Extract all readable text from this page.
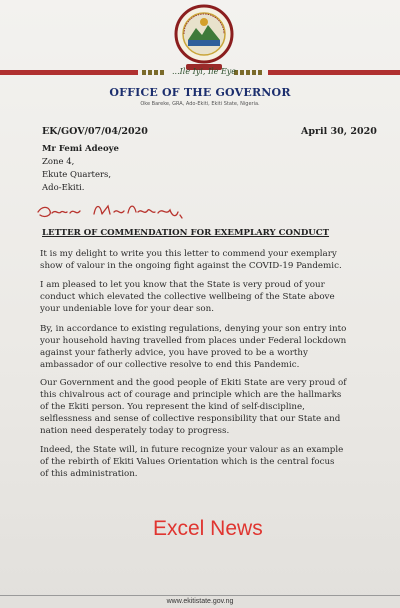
...Ile Iyi, Ile Eye
OFFICE OF THE GOVERNOR
Oke Bareke, GRA, Ado-Ekiti, Ekiti State, Nigeria.
EK/GOV/07/04/2020	April 30, 2020
Mr Femi Adeoye
Zone 4,
Ekute Quarters,
Ado-Ekiti.
LETTER OF COMMENDATION FOR EXEMPLARY CONDUCT
It is my delight to write you this letter to commend your exemplary
show of valour in the ongoing fight against the COVID-19 Pandemic.
I am pleased to let you know that the State is very proud of your
conduct which elevated the collective wellbeing of the State above
your undeniable love for your dear son.
By, in accordance to existing regulations, denying your son entry into
your household having travelled from places under Federal lockdown
against your fatherly advice, you have proved to be a worthy
ambassador of our collective resolve to end this Pandemic.
Our Government and the good people of Ekiti State are very proud of
this chivalrous act of courage and principle which are the hallmarks
of the Ekiti person. You represent the kind of self-discipline,
selflessness and sense of collective responsibility that our State and
nation need desperately today to progress.
Indeed, the State will, in future recognize your valour as an example
of the rebirth of Ekiti Values Orientation which is the central focus
of this administration.
Excel News
www.ekitistate.gov.ng
